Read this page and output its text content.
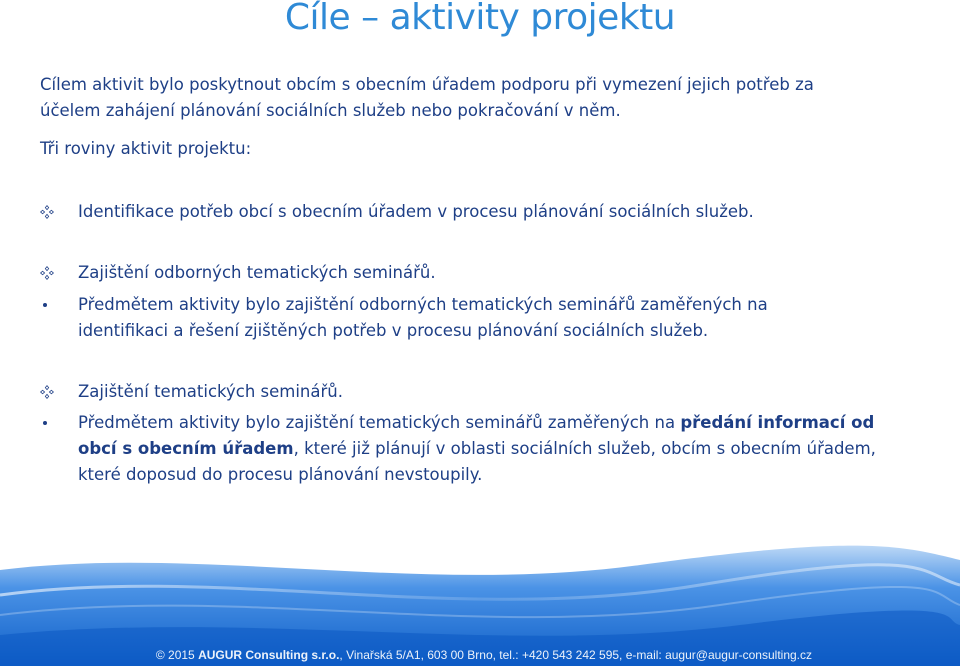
Cíle – aktivity projektu
Cílem aktivit bylo poskytnout obcím s obecním úřadem podporu při vymezení jejich potřeb za
účelem zahájení plánování sociálních služeb nebo pokračování v něm.
Tři roviny aktivit projektu:
Identifikace potřeb obcí s obecním úřadem v procesu plánování sociálních služeb.
Zajištění odborných tematických seminářů.
Předmětem aktivity bylo zajištění odborných tematických seminářů zaměřených na
identifikaci a řešení zjištěných potřeb v procesu plánování sociálních služeb.
Zajištění tematických seminářů.
Předmětem aktivity bylo zajištění tematických seminářů zaměřených na předání informací od
obcí s obecním úřadem, které již plánují v oblasti sociálních služeb, obcím s obecním úřadem,
které doposud do procesu plánování nevstoupily.
© 2015 AUGUR Consulting s.r.o., Vinařská 5/A1, 603 00 Brno, tel.: +420 543 242 595, e-mail: augur@augur-consulting.cz
